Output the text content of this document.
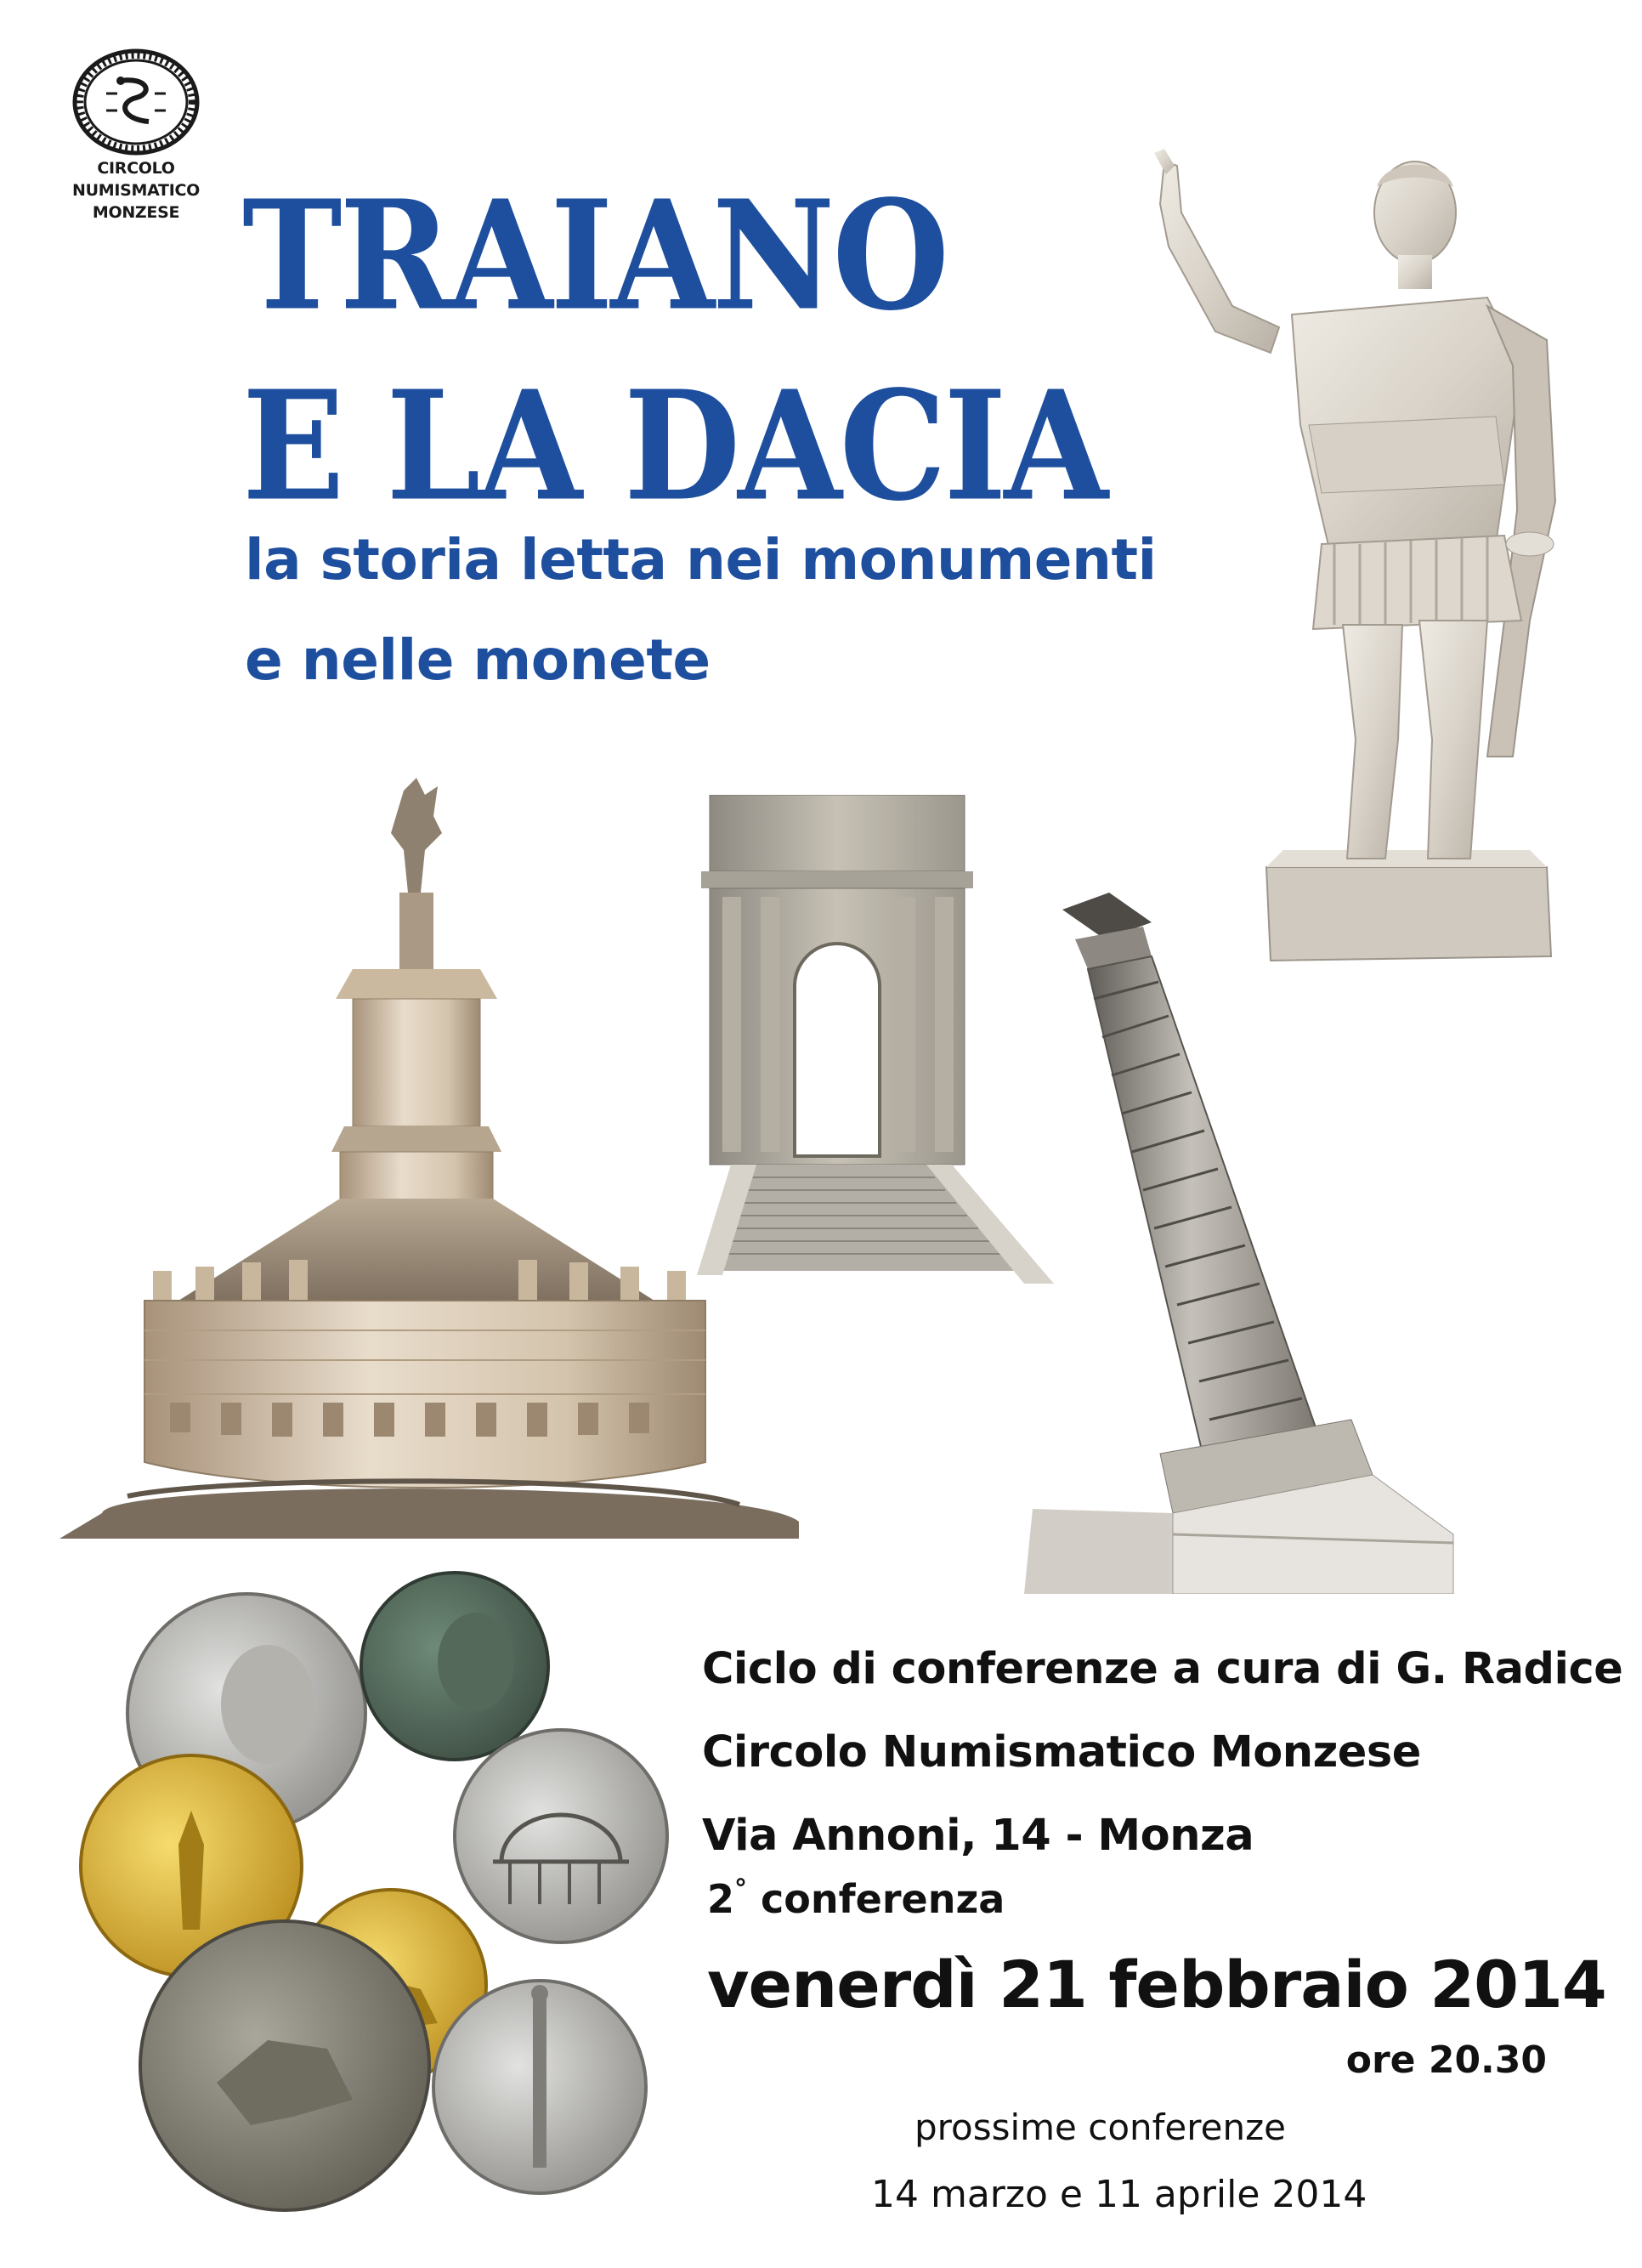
CIRCOLO NUMISMATICO
MONZESE TRAIANO
E LA DACIA
la storia letta nei monumenti
e nelle monete
Ciclo di conferenze a cura di G. Radice
Circolo Numismatico Monzese
Via Annoni, 14 - Monza
2° conferenza
venerdì 21 febbraio 2014
ore 20.30
prossime conferenze
14 marzo e 11 aprile 2014
